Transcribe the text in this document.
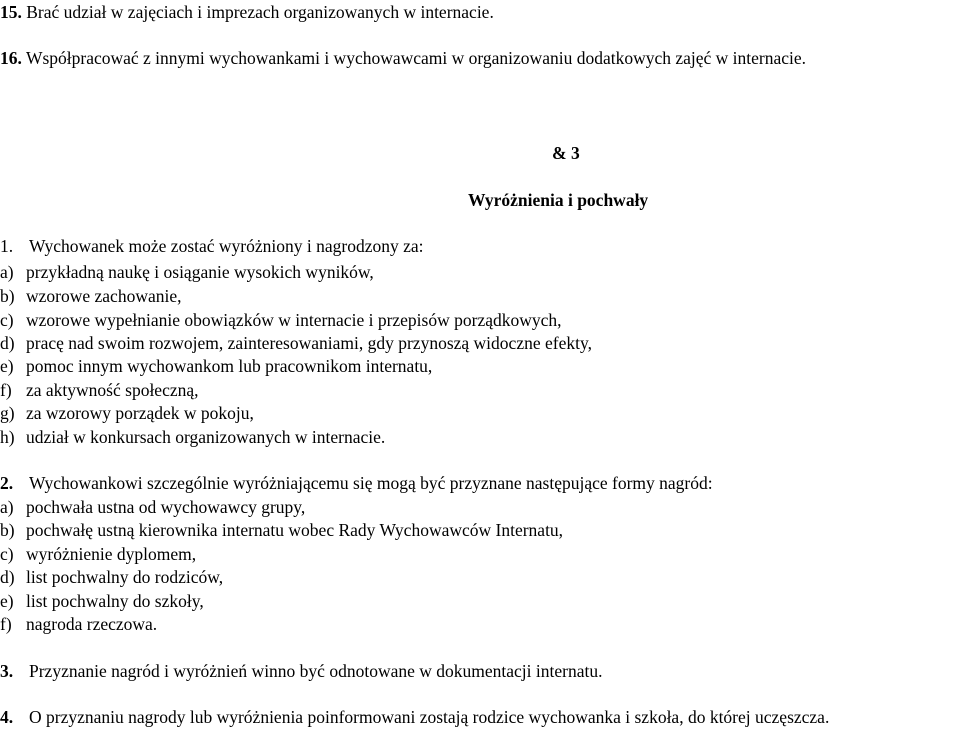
15. Brać udział w zajęciach i imprezach organizowanych w internacie.
16. Współpracować z innymi wychowankami i wychowawcami w organizowaniu dodatkowych zajęć w internacie.
& 3
Wyróżnienia i pochwały
1. Wychowanek może zostać wyróżniony i nagrodzony za:
a) przykładną naukę i osiąganie wysokich wyników,
b) wzorowe zachowanie,
c) wzorowe wypełnianie obowiązków w internacie i przepisów porządkowych,
d) pracę nad swoim rozwojem, zainteresowaniami, gdy przynoszą widoczne efekty,
e) pomoc innym wychowankom lub pracownikom internatu,
f) za aktywność społeczną,
g) za wzorowy porządek w pokoju,
h) udział w konkursach organizowanych w internacie.
2. Wychowankowi szczególnie wyróżniającemu się mogą być przyznane następujące formy nagród:
a) pochwała ustna od wychowawcy grupy,
b) pochwałę ustną kierownika internatu wobec Rady Wychowawców Internatu,
c) wyróżnienie dyplomem,
d) list pochwalny do rodziców,
e) list pochwalny do szkoły,
f) nagroda rzeczowa.
3. Przyznanie nagród i wyróżnień winno być odnotowane w dokumentacji internatu.
4. O przyznaniu nagrody lub wyróżnienia poinformowani zostają rodzice wychowanka i szkoła, do której uczęszcza.
